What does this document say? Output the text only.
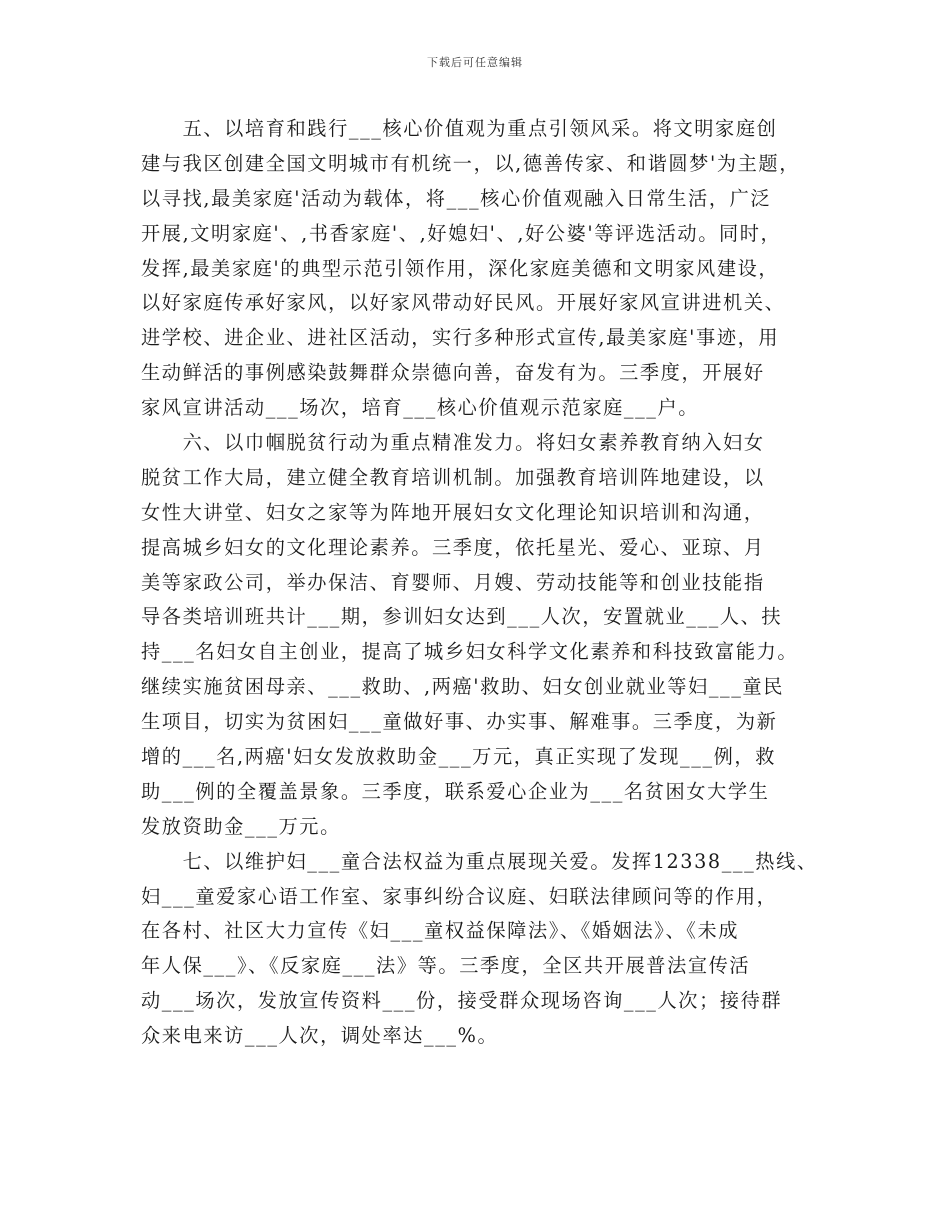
下载后可任意编辑
　　五、以培育和践行___核心价值观为重点引领风采。将文明家庭创
建与我区创建全国文明城市有机统一，以,德善传家、和谐圆梦'为主题，
以寻找,最美家庭'活动为载体，将___核心价值观融入日常生活，广泛
开展,文明家庭'、,书香家庭'、,好媳妇'、,好公婆'等评选活动。同时，
发挥,最美家庭'的典型示范引领作用，深化家庭美德和文明家风建设，
以好家庭传承好家风，以好家风带动好民风。开展好家风宣讲进机关、
进学校、进企业、进社区活动，实行多种形式宣传,最美家庭'事迹，用
生动鲜活的事例感染鼓舞群众崇德向善，奋发有为。三季度，开展好
家风宣讲活动___场次，培育___核心价值观示范家庭___户。
　　六、以巾帼脱贫行动为重点精准发力。将妇女素养教育纳入妇女
脱贫工作大局，建立健全教育培训机制。加强教育培训阵地建设，以
女性大讲堂、妇女之家等为阵地开展妇女文化理论知识培训和沟通，
提高城乡妇女的文化理论素养。三季度，依托星光、爱心、亚琼、月
美等家政公司，举办保洁、育婴师、月嫂、劳动技能等和创业技能指
导各类培训班共计___期，参训妇女达到___人次，安置就业___人、扶
持___名妇女自主创业，提高了城乡妇女科学文化素养和科技致富能力。
继续实施贫困母亲、___救助、,两癌'救助、妇女创业就业等妇___童民
生项目，切实为贫困妇___童做好事、办实事、解难事。三季度，为新
增的___名,两癌'妇女发放救助金___万元，真正实现了发现___例，救
助___例的全覆盖景象。三季度，联系爱心企业为___名贫困女大学生
发放资助金___万元。
　　七、以维护妇___童合法权益为重点展现关爱。发挥12338___热线、
妇___童爱家心语工作室、家事纠纷合议庭、妇联法律顾问等的作用，
在各村、社区大力宣传《妇___童权益保障法》、《婚姻法》、《未成
年人保___》、《反家庭___法》等。三季度，全区共开展普法宣传活
动___场次，发放宣传资料___份，接受群众现场咨询___人次；接待群
众来电来访___人次，调处率达___%。
